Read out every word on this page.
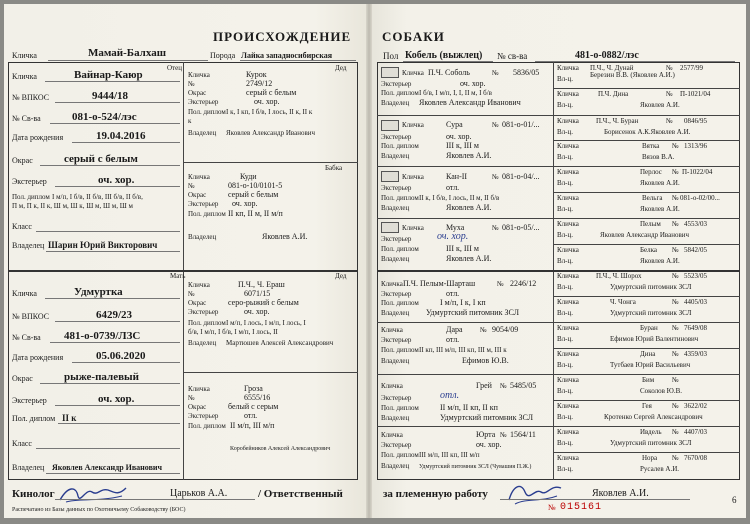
ПРОИСХОЖДЕНИЕ СОБАКИ
Кличка	Мамай-Балхаш	Порода Лайка западносибирская
Отец	Дед
Бабка
Мать	Дед
Кличка	Вайнар-Каюр
№ ВПКОС	9444/18
№ Св-ва	081-о-524/лэс
Дата рождения	19.04.2016
Окрас	серый с белым
Экстерьер	оч. хор.
Пол. диплом I м/п, I б/в, II б/в, III б/в, II б/в,
П м, П к, II к, Ш м, Ш к, Ш м, Ш м, Ш м
Класс
Владелец Шарин Юрий Викторович
Кличка	Курок
№	2749/12
Окрас	серый с белым
Экстерьер	оч. хор.
Пол. диплом I к, I кп, I б/в, I лось, II к, II к
к
Владелец Яковлев Александр Иванович
Кличка	Куди
№	081-о-10/0101-5
Окрас	серый с белым
Экстерьер оч. хор.
Пол. диплом II кп, II м, II м/п
Владелец	Яковлев А.И.
Кличка	Удмуртка
№ ВПКОС	6429/23
№ Св-ва 481-о-0739/ЛЗС
Дата рождения	05.06.2020
Окрас	рыже-палевый
Экстерьер	оч. хор.
Пол. диплом II к
Класс
Владелец Яковлев Александр Иванович
Кличка	П.Ч., Ч. Ераш
№	6071/15
Окрас	серо-рыжий с белым
Экстерьер	оч. хор.
Пол. диплом I м/п, I лось, I м/п, I лось, I
б/в, I м/п, I б/в, I м/п, I лось, II
Владелец Мартюшев Алексей Александрович
Кличка	Гроза
№	6555/16
Окрас	белый с серым
Экстерьер	отл.
Пол. диплом II м/п, III м/п
Коробейников Алексей Александрович
Кинолог	Царьков А.А.	/ Ответственный
Распечатано из Базы данных по Охотничьему Собаководству (БОС)
Пол Кобель (выжлец) № св-ва	481-о-0882/лэс
Кличка П.Ч. Соболь	№ 5836/05
Экстерьер	оч. хор.
Пол. диплом I б/в, I м/п, I, I, II м, I б/в
Владелец Яковлев Александр Иванович
Кличка	Сура	№ 081-о-01/...
Экстерьер	оч. хор.
Пол. диплом	III к, III м
Владелец	Яковлев А.И.
Кличка	Кан-II	№ 081-о-04/...
Экстерьер	отл.
Пол. диплом II к, I б/в, I лось, II м, II б/в
Владелец	Яковлев А.И.
Кличка	Муха	№ 081-о-05/...
Экстерьер	оч. хор.
Пол. диплом	III к, III м
Владелец	Яковлев А.И.
Кличка П.Ч. Пелым-Шарташ	№ 2246/12
Экстерьер	отл.
Пол. диплом	I м/п, I к, I кп
Владелец Удмуртский питомник ЗСЛ
Кличка	Дара № 9054/09
Экстерьер	отл.
Пол. диплом II кп, III м/п, III кп, III м, III к
Владелец	Ефимов Ю.В.
Кличка	Грей № 5485/05
Экстерьер	отл.
Пол. диплом	II м/п, II кп, II кп
Владелец	Удмуртский питомник ЗСЛ
Кличка	Юрта № 1564/11
Экстерьер	оч. хор.
Пол. диплом III м/п, III кп, III м/п
Владелец Удмуртский питомник ЗСЛ (Чувашия П.Ж.)
Кличка П.Ч., Ч. Дунай	№ 2577/99
Вл-ц. Березин В.В. (Яковлев А.И.)
Кличка	П.Ч. Дина	№ П-1021/04
Вл-ц.	Яковлев А.И.
Кличка П.Ч., Ч. Буран	№ 0846/95
Вл-ц.	Борисенок А.К.Яковлев А.И.
Кличка	Вятка № 1313/96
Вл-ц.	Вязов В.А.
Кличка	Перлос № П-1022/04
Вл-ц.	Яковлев А.И.
Кличка	Вельга № 081-о-02/00...
Вл-ц.	Яковлев А.И.
Кличка	Пелым № 4553/03
Вл-ц.	Яковлев Александр Иванович
Кличка	Белка № 5842/05
Вл-ц.	Яковлев А.И.
Кличка П.Ч., Ч. Шорох	№ 5523/05
Вл-ц.	Удмуртский питомник ЗСЛ
Кличка	Ч. Чонга	№ 4405/03
Вл-ц.	Удмуртский питомник ЗСЛ
Кличка	Буран № 7649/08
Вл-ц.	Ефимов Юрий Валентинович
Кличка	Дина № 4359/03
Вл-ц.	Тутбаев Юрий Васильевич
Кличка	Бим	№
Вл-ц.	Соколов Ю.В.
Кличка	Гея	№ 3622/02
Вл-ц.	Кротенко Сергей Александрович
Кличка	Ивдель № 4407/03
Вл-ц.	Удмуртский питомник ЗСЛ
Кличка	Нора № 7670/08
Вл-ц.	Русалев А.И.
за племенную работу	Яковлев А.И.
№ 015161
6
